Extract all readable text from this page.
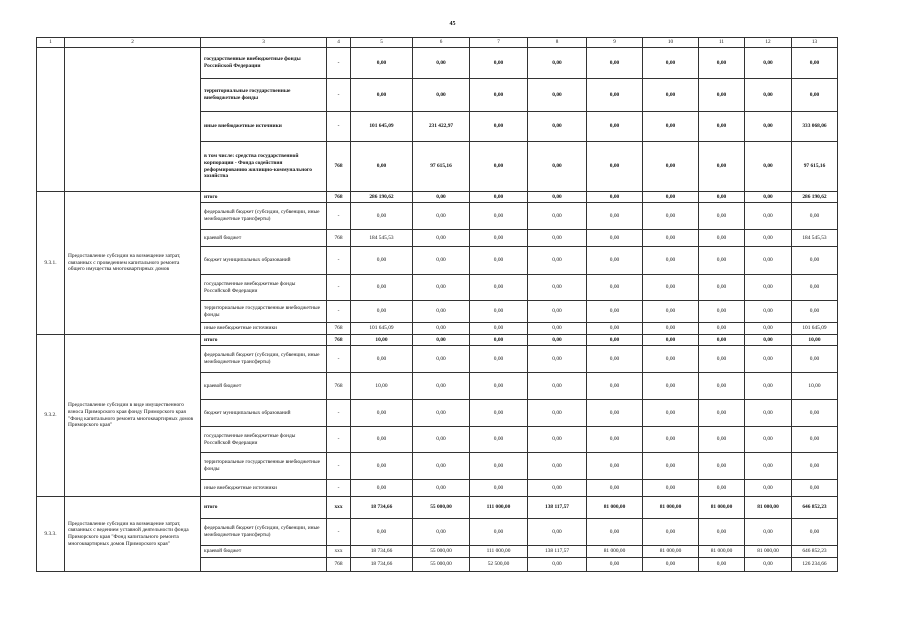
45
1	2	3	4	5	6	7	8	9	10	11	12	13
		государственные внебюджетные фонды Российской Федерации	-	0,00	0,00	0,00	0,00	0,00	0,00	0,00	0,00	0,00
		территориальные государственные внебюджетные фонды	-	0,00	0,00	0,00	0,00	0,00	0,00	0,00	0,00	0,00
		иные внебюджетные источники	-	101 645,09	231 422,97	0,00	0,00	0,00	0,00	0,00	0,00	333 068,06
		в том числе: средства государственной корпорации - Фонда содействия реформированию жилищно-коммунального хозяйства	768	0,00	97 615,16	0,00	0,00	0,00	0,00	0,00	0,00	97 615,16
9.3.1.	Предоставление субсидии на возмещение затрат, связанных с проведением капитального ремонта общего имущества многоквартирных домов	итого	768	286 190,62	0,00	0,00	0,00	0,00	0,00	0,00	0,00	286 190,62
		федеральный бюджет (субсидии, субвенции, иные межбюджетные трансферты)	-	0,00	0,00	0,00	0,00	0,00	0,00	0,00	0,00	0,00
		краевой бюджет	768	184 545,53	0,00	0,00	0,00	0,00	0,00	0,00	0,00	184 545,53
		бюджет муниципальных образований	-	0,00	0,00	0,00	0,00	0,00	0,00	0,00	0,00	0,00
		государственные внебюджетные фонды Российской Федерации	-	0,00	0,00	0,00	0,00	0,00	0,00	0,00	0,00	0,00
		территориальные государственные внебюджетные фонды	-	0,00	0,00	0,00	0,00	0,00	0,00	0,00	0,00	0,00
		иные внебюджетные источники	768	101 645,09	0,00	0,00	0,00	0,00	0,00	0,00	0,00	101 645,09
9.3.2.	Предоставление субсидии в виде имущественного взноса Приморского края фонду Приморского края "Фонд капитального ремонта многоквартирных домов Приморского края"	итого	768	10,00	0,00	0,00	0,00	0,00	0,00	0,00	0,00	10,00
		федеральный бюджет (субсидии, субвенции, иные межбюджетные трансферты)	-	0,00	0,00	0,00	0,00	0,00	0,00	0,00	0,00	0,00
		краевой бюджет	768	10,00	0,00	0,00	0,00	0,00	0,00	0,00	0,00	10,00
		бюджет муниципальных образований	-	0,00	0,00	0,00	0,00	0,00	0,00	0,00	0,00	0,00
		государственные внебюджетные фонды Российской Федерации	-	0,00	0,00	0,00	0,00	0,00	0,00	0,00	0,00	0,00
		территориальные государственные внебюджетные фонды	-	0,00	0,00	0,00	0,00	0,00	0,00	0,00	0,00	0,00
		иные внебюджетные источники	-	0,00	0,00	0,00	0,00	0,00	0,00	0,00	0,00	0,00
9.3.3.	Предоставление субсидии на возмещение затрат, связанных с ведением уставной деятельности фонда Приморского края "Фонд капитального ремонта многоквартирных домов Приморского края"	итого	xxx	18 734,66	55 000,00	111 000,00	138 117,57	81 000,00	81 000,00	81 000,00	81 000,00	646 852,23
		федеральный бюджет (субсидии, субвенции, иные межбюджетные трансферты)	-	0,00	0,00	0,00	0,00	0,00	0,00	0,00	0,00	0,00
		краевой бюджет	xxx	18 734,66	55 000,00	111 000,00	138 117,57	81 000,00	81 000,00	81 000,00	81 000,00	646 852,23
			768	18 734,66	55 000,00	52 500,00	0,00	0,00	0,00	0,00	0,00	126 234,66
